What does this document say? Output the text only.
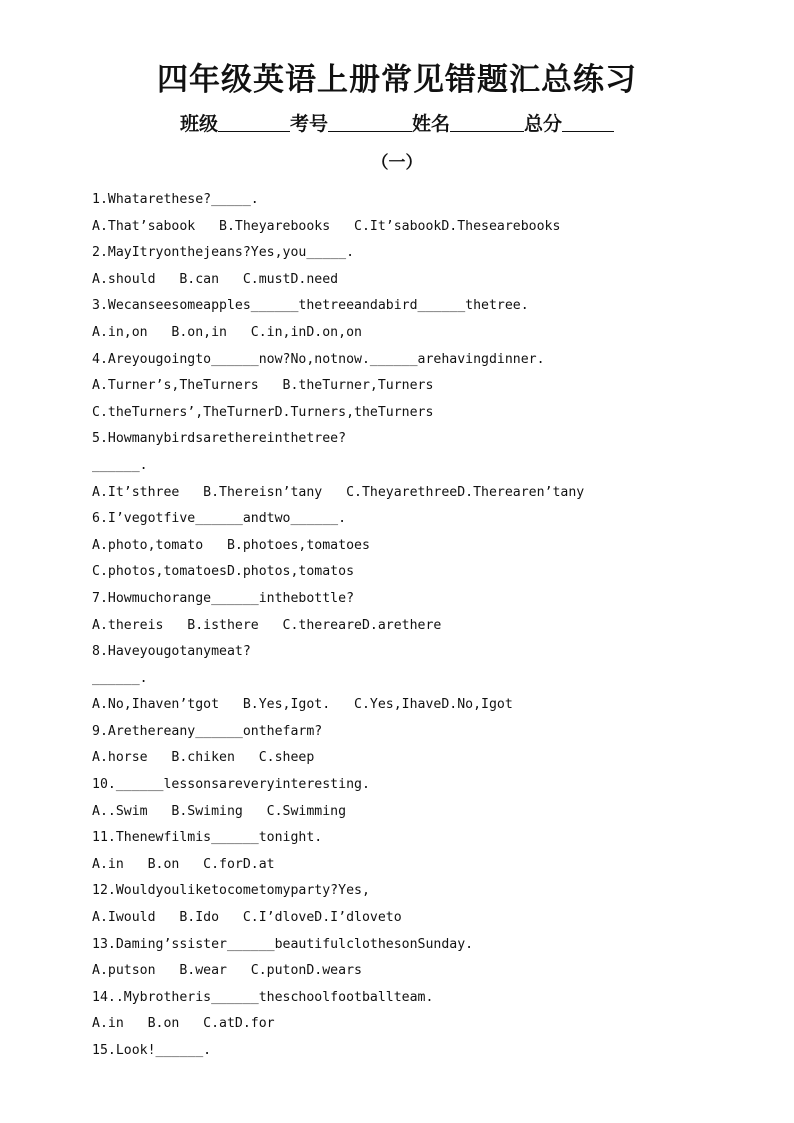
四年级英语上册常见错题汇总练习
班级	考号	姓名	总分
（一）
1.Whatarethese?_____.
A.That’sabook   B.Theyarebooks   C.It’sabookD.Thesearebooks
2.MayItryonthejeans?Yes,you_____.
A.should   B.can   C.mustD.need
3.Wecanseesomeapples______thetreeandabird______thetree.
A.in,on   B.on,in   C.in,inD.on,on
4.Areyougoingto______now?No,notnow.______arehavingdinner.
A.Turner’s,TheTurners   B.theTurner,Turners
C.theTurners’,TheTurnerD.Turners,theTurners
5.Howmanybirdsarethereinthetree?
______.
A.It’sthree   B.Thereisn’tany   C.TheyarethreeD.Therearen’tany
6.I’vegotfive______andtwo______.
A.photo,tomato   B.photoes,tomatoes
C.photos,tomatoesD.photos,tomatos
7.Howmuchorange______inthebottle?
A.thereis   B.isthere   C.therearеD.arethere
8.Haveyougotanymeat?
______.
A.No,Ihaven’tgot   B.Yes,Igot.   C.Yes,IhaveD.No,Igot
9.Arethereany______onthefarm?
A.horse   B.chiken   C.sheep
10.______lessonsareveryinteresting.
A..Swim   B.Swiming   C.Swimming
11.Thenewfilmis______tonight.
A.in   B.on   C.forD.at
12.Wouldyouliketocometomyparty?Yes,
A.Iwould   B.Ido   C.I’dloveD.I’dloveto
13.Daming’ssister______beautifulclothesonSunday.
A.putson   B.wear   C.putonD.wears
14..Mybrotheris______theschoolfootballteam.
A.in   B.on   C.atD.for
15.Look!______.
